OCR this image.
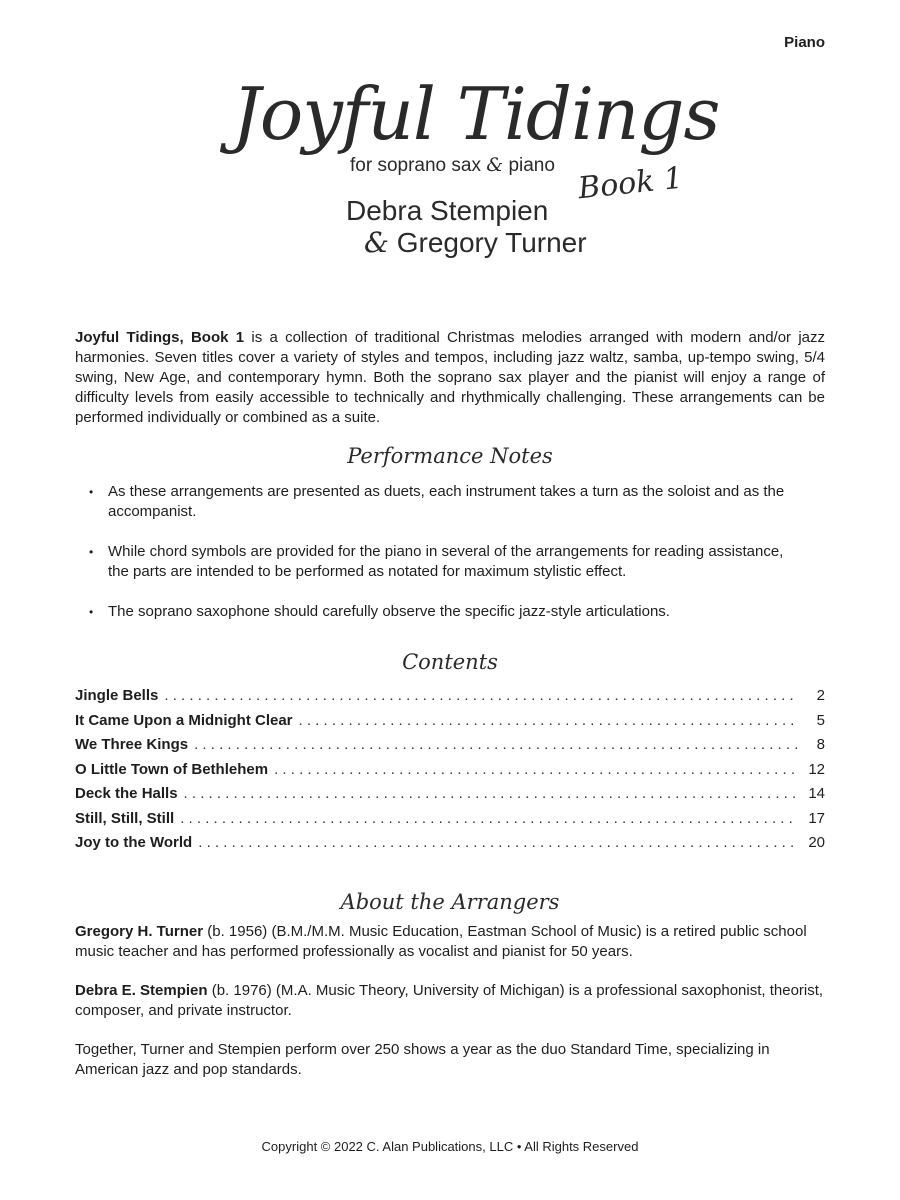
Piano
Joyful Tidings
for soprano sax & piano Book 1
Debra Stempien
& Gregory Turner

Joyful Tidings, Book 1 is a collection of traditional Christmas melodies arranged with modern and/or jazz harmonies. Seven titles cover a variety of styles and tempos, including jazz waltz, samba, up-tempo swing, 5/4 swing, New Age, and contemporary hymn. Both the soprano sax player and the pianist will enjoy a range of difficulty levels from easily accessible to technically and rhythmically challenging. These arrangements can be performed individually or combined as a suite.

Performance Notes
• As these arrangements are presented as duets, each instrument takes a turn as the soloist and as the accompanist.
• While chord symbols are provided for the piano in several of the arrangements for reading assistance, the parts are intended to be performed as notated for maximum stylistic effect.
• The soprano saxophone should carefully observe the specific jazz-style articulations.
Contents
Jingle Bells . . .	2
It Came Upon a Midnight Clear . . .	5
We Three Kings . . .	8
O Little Town of Bethlehem . . .	12
Deck the Halls . . .	14
Still, Still, Still . . .	17
Joy to the World . . .	20
About the Arrangers

Gregory H. Turner (b. 1956) (B.M./M.M. Music Education, Eastman School of Music) is a retired public school music teacher and has performed professionally as vocalist and pianist for 50 years.

Debra E. Stempien (b. 1976) (M.A. Music Theory, University of Michigan) is a professional saxophonist, theorist, composer, and private instructor.

Together, Turner and Stempien perform over 250 shows a year as the duo Standard Time, specializing in American jazz and pop standards.

Copyright © 2022 C. Alan Publications, LLC • All Rights Reserved
